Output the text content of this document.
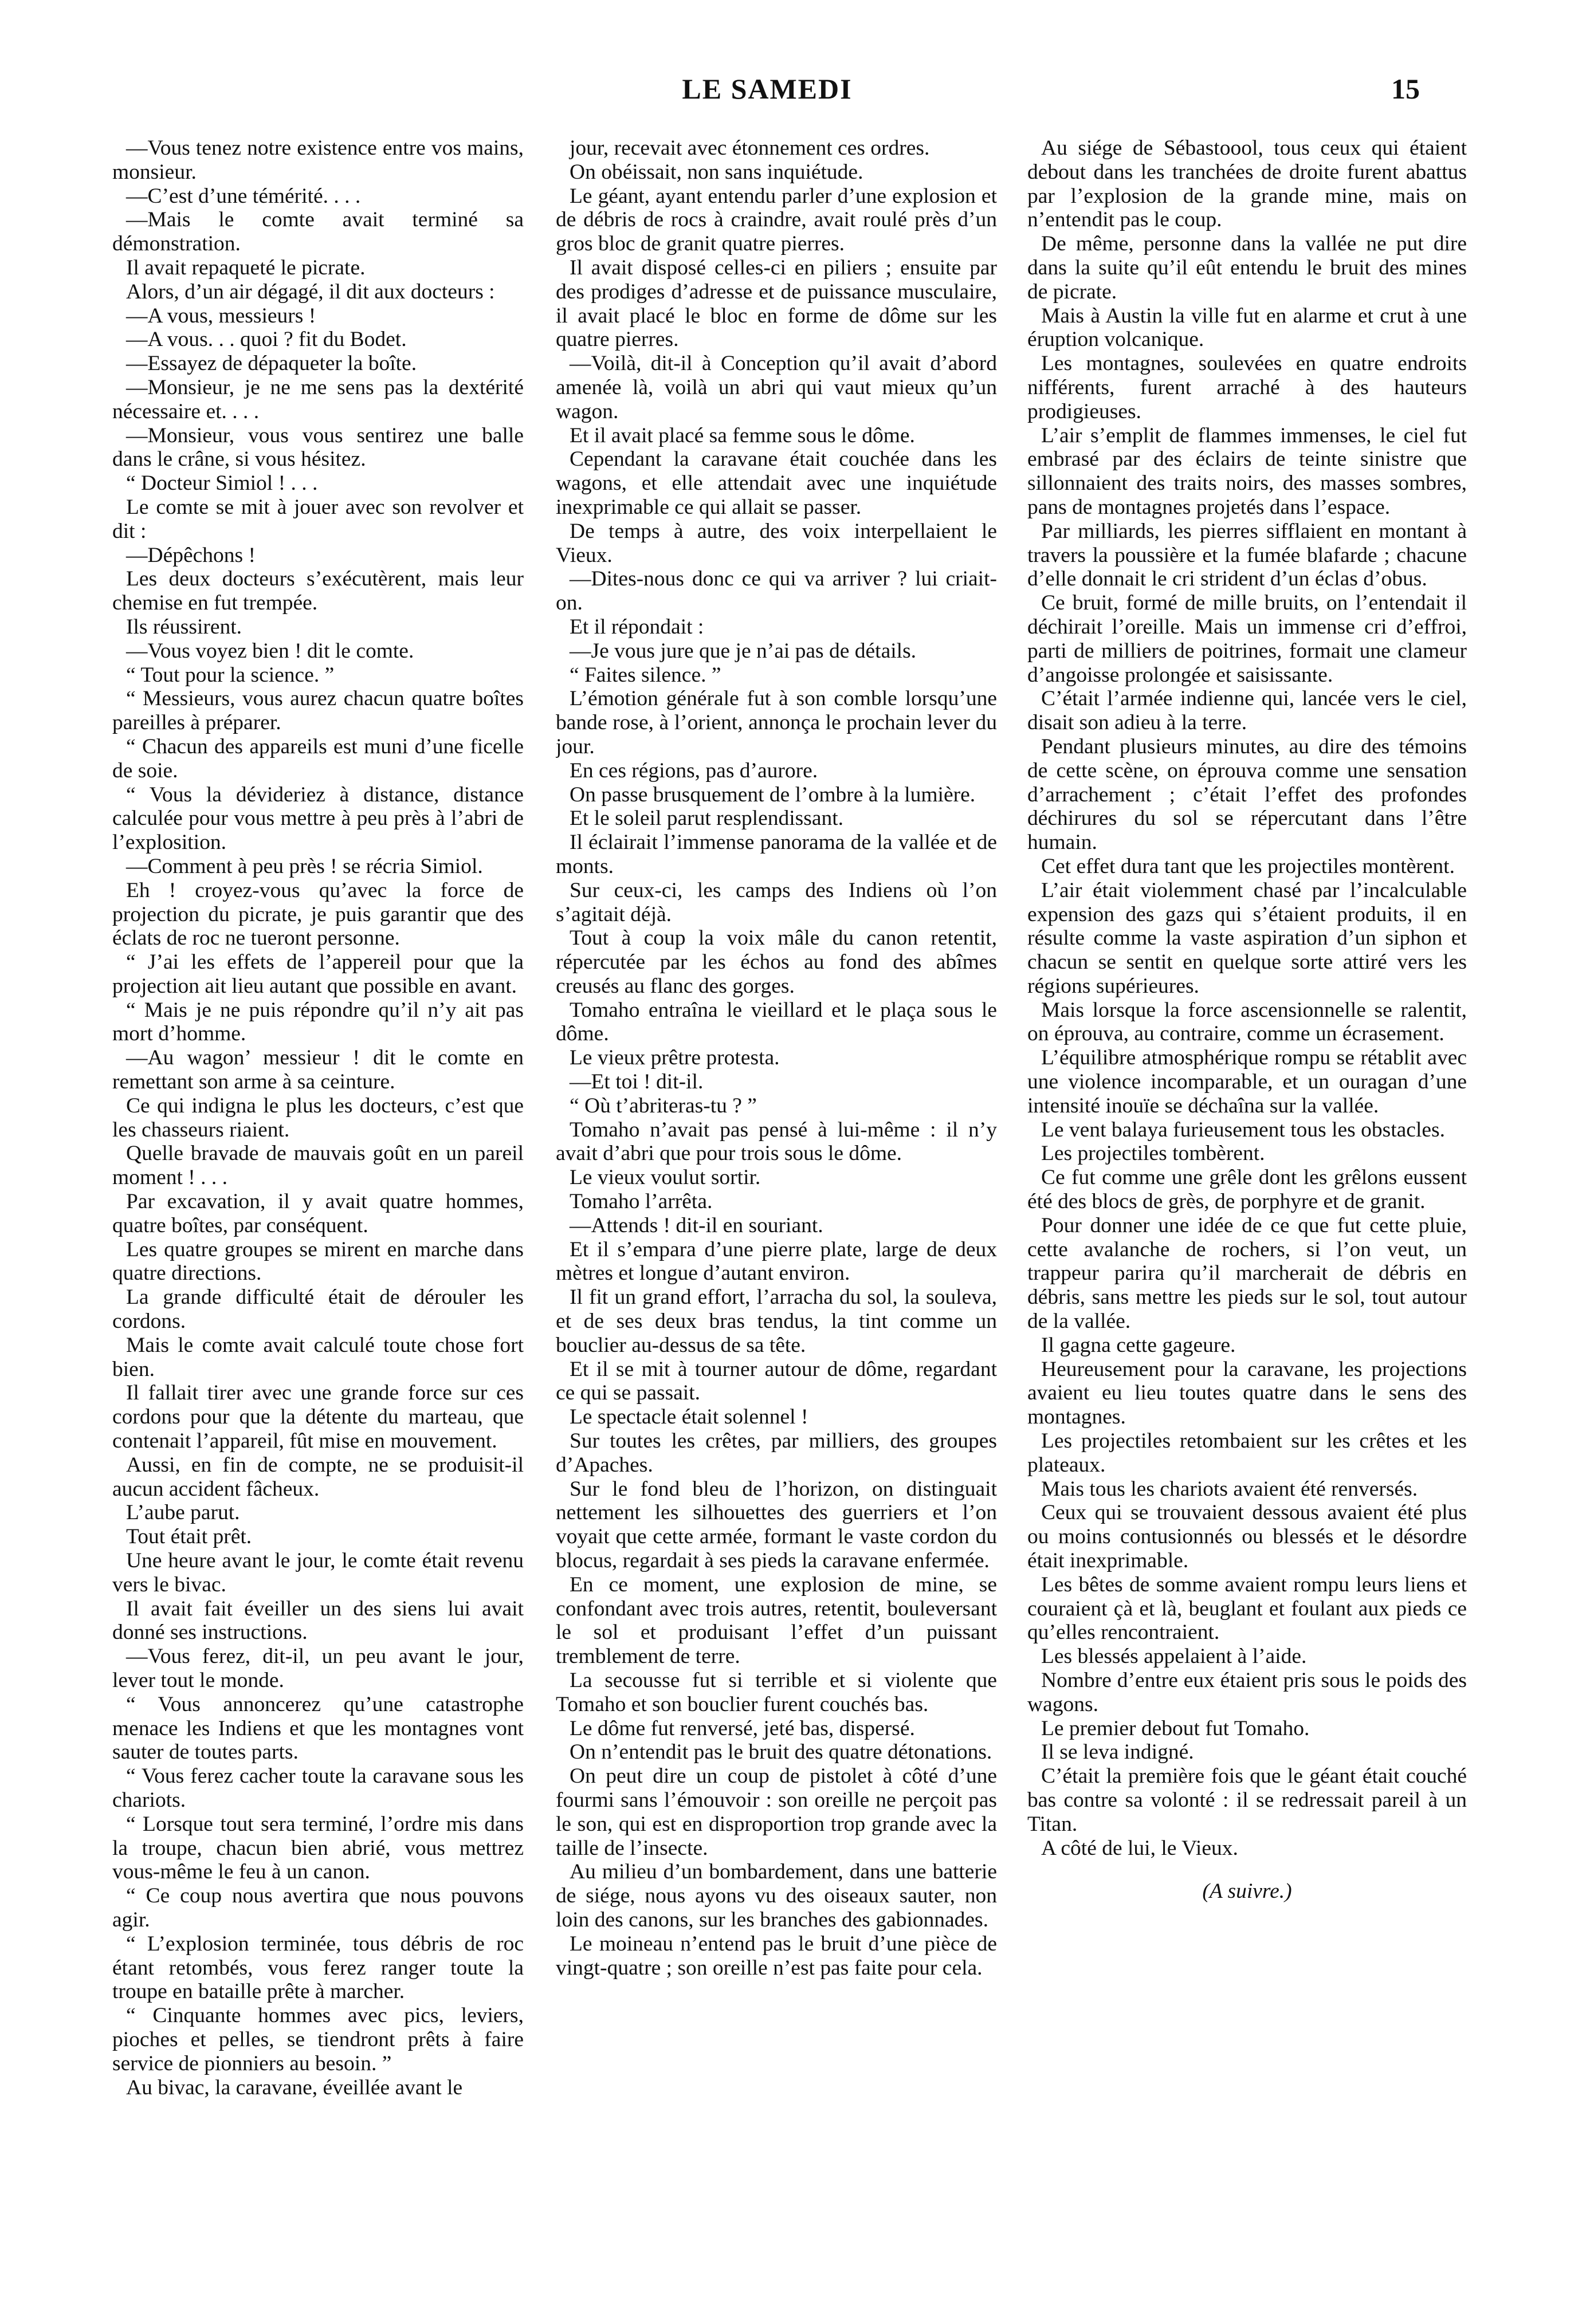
LE SAMEDI	15

—Vous tenez notre existence entre vos mains, monsieur.

—C’est d’une témérité. . . .

—Mais le comte avait terminé sa démonstration.

Il avait repaqueté le picrate.

Alors, d’un air dégagé, il dit aux docteurs :

—A vous, messieurs !

—A vous. . . quoi ? fit du Bodet.

—Essayez de dépaqueter la boîte.

—Monsieur, je ne me sens pas la dextérité nécessaire et. . . .

—Monsieur, vous vous sentirez une balle dans le crâne, si vous hésitez.

“ Docteur Simiol ! . . .

Le comte se mit à jouer avec son revolver et dit :

—Dépêchons !

Les deux docteurs s’exécutèrent, mais leur chemise en fut trempée.

Ils réussirent.

—Vous voyez bien ! dit le comte.

“ Tout pour la science. ”

“ Messieurs, vous aurez chacun quatre boîtes pareilles à préparer.

“ Chacun des appareils est muni d’une ficelle de soie.

“ Vous la dévideriez à distance, distance calculée pour vous mettre à peu près à l’abri de l’explosition.

—Comment à peu près ! se récria Simiol.

Eh ! croyez-vous qu’avec la force de projection du picrate, je puis garantir que des éclats de roc ne tueront personne.

“ J’ai les effets de l’appereil pour que la projection ait lieu autant que possible en avant.

“ Mais je ne puis répondre qu’il n’y ait pas mort d’homme.

—Au wagon’ messieur ! dit le comte en remettant son arme à sa ceinture.

Ce qui indigna le plus les docteurs, c’est que les chasseurs riaient.

Quelle bravade de mauvais goût en un pareil moment ! . . .

Par excavation, il y avait quatre hommes, quatre boîtes, par conséquent.

Les quatre groupes se mirent en marche dans quatre directions.

La grande difficulté était de dérouler les cordons.

Mais le comte avait calculé toute chose fort bien.

Il fallait tirer avec une grande force sur ces cordons pour que la détente du marteau, que contenait l’appareil, fût mise en mouvement.

Aussi, en fin de compte, ne se produisit-il aucun accident fâcheux.

L’aube parut.

Tout était prêt.

Une heure avant le jour, le comte était revenu vers le bivac.

Il avait fait éveiller un des siens lui avait donné ses instructions.

—Vous ferez, dit-il, un peu avant le jour, lever tout le monde.

“ Vous annoncerez qu’une catastrophe menace les Indiens et que les montagnes vont sauter de toutes parts.

“ Vous ferez cacher toute la caravane sous les chariots.

“ Lorsque tout sera terminé, l’ordre mis dans la troupe, chacun bien abrié, vous mettrez vous-même le feu à un canon.

“ Ce coup nous avertira que nous pouvons agir.

“ L’explosion terminée, tous débris de roc étant retombés, vous ferez ranger toute la troupe en bataille prête à marcher.

“ Cinquante hommes avec pics, leviers, pioches et pelles, se tiendront prêts à faire service de pionniers au besoin. ”

Au bivac, la caravane, éveillée avant le

jour, recevait avec étonnement ces ordres.

On obéissait, non sans inquiétude.

Le géant, ayant entendu parler d’une explosion et de débris de rocs à craindre, avait roulé près d’un gros bloc de granit quatre pierres.

Il avait disposé celles-ci en piliers ; ensuite par des prodiges d’adresse et de puissance musculaire, il avait placé le bloc en forme de dôme sur les quatre pierres.

—Voilà, dit-il à Conception qu’il avait d’abord amenée là, voilà un abri qui vaut mieux qu’un wagon.

Et il avait placé sa femme sous le dôme.

Cependant la caravane était couchée dans les wagons, et elle attendait avec une inquiétude inexprimable ce qui allait se passer.

De temps à autre, des voix interpellaient le Vieux.

—Dites-nous donc ce qui va arriver ? lui criait-on.

Et il répondait :

—Je vous jure que je n’ai pas de détails.

“ Faites silence. ”

L’émotion générale fut à son comble lorsqu’une bande rose, à l’orient, annonça le prochain lever du jour.

En ces régions, pas d’aurore.

On passe brusquement de l’ombre à la lumière.

Et le soleil parut resplendissant.

Il éclairait l’immense panorama de la vallée et de monts.

Sur ceux-ci, les camps des Indiens où l’on s’agitait déjà.

Tout à coup la voix mâle du canon retentit, répercutée par les échos au fond des abîmes creusés au flanc des gorges.

Tomaho entraîna le vieillard et le plaça sous le dôme.

Le vieux prêtre protesta.

—Et toi ! dit-il.

“ Où t’abriteras-tu ? ”

Tomaho n’avait pas pensé à lui-même : il n’y avait d’abri que pour trois sous le dôme.

Le vieux voulut sortir.

Tomaho l’arrêta.

—Attends ! dit-il en souriant.

Et il s’empara d’une pierre plate, large de deux mètres et longue d’autant environ.

Il fit un grand effort, l’arracha du sol, la souleva, et de ses deux bras tendus, la tint comme un bouclier au-dessus de sa tête.

Et il se mit à tourner autour de dôme, regardant ce qui se passait.

Le spectacle était solennel !

Sur toutes les crêtes, par milliers, des groupes d’Apaches.

Sur le fond bleu de l’horizon, on distinguait nettement les silhouettes des guerriers et l’on voyait que cette armée, formant le vaste cordon du blocus, regardait à ses pieds la caravane enfermée.

En ce moment, une explosion de mine, se confondant avec trois autres, retentit, bouleversant le sol et produisant l’effet d’un puissant tremblement de terre.

La secousse fut si terrible et si violente que Tomaho et son bouclier furent couchés bas.

Le dôme fut renversé, jeté bas, dispersé.

On n’entendit pas le bruit des quatre détonations.

On peut dire un coup de pistolet à côté d’une fourmi sans l’émouvoir : son oreille ne perçoit pas le son, qui est en disproportion trop grande avec la taille de l’insecte.

Au milieu d’un bombardement, dans une batterie de siége, nous ayons vu des oiseaux sauter, non loin des canons, sur les branches des gabionnades.

Le moineau n’entend pas le bruit d’une pièce de vingt-quatre ; son oreille n’est pas faite pour cela.

Au siége de Sébastoool, tous ceux qui étaient debout dans les tranchées de droite furent abattus par l’explosion de la grande mine, mais on n’entendit pas le coup.

De même, personne dans la vallée ne put dire dans la suite qu’il eût entendu le bruit des mines de picrate.

Mais à Austin la ville fut en alarme et crut à une éruption volcanique.

Les montagnes, soulevées en quatre endroits nifférents, furent arraché à des hauteurs prodigieuses.

L’air s’emplit de flammes immenses, le ciel fut embrasé par des éclairs de teinte sinistre que sillonnaient des traits noirs, des masses sombres, pans de montagnes projetés dans l’espace.

Par milliards, les pierres sifflaient en montant à travers la poussière et la fumée blafarde ; chacune d’elle donnait le cri strident d’un éclas d’obus.

Ce bruit, formé de mille bruits, on l’entendait il déchirait l’oreille. Mais un immense cri d’effroi, parti de milliers de poitrines, formait une clameur d’angoisse prolongée et saisissante.

C’était l’armée indienne qui, lancée vers le ciel, disait son adieu à la terre.

Pendant plusieurs minutes, au dire des témoins de cette scène, on éprouva comme une sensation d’arrachement ; c’était l’effet des profondes déchirures du sol se répercutant dans l’être humain.

Cet effet dura tant que les projectiles montèrent.

L’air était violemment chasé par l’incalculable expension des gazs qui s’étaient produits, il en résulte comme la vaste aspiration d’un siphon et chacun se sentit en quelque sorte attiré vers les régions supérieures.

Mais lorsque la force ascensionnelle se ralentit, on éprouva, au contraire, comme un écrasement.

L’équilibre atmosphérique rompu se rétablit avec une violence incomparable, et un ouragan d’une intensité inouïe se déchaîna sur la vallée.

Le vent balaya furieusement tous les obstacles.

Les projectiles tombèrent.

Ce fut comme une grêle dont les grêlons eussent été des blocs de grès, de porphyre et de granit.

Pour donner une idée de ce que fut cette pluie, cette avalanche de rochers, si l’on veut, un trappeur parira qu’il marcherait de débris en débris, sans mettre les pieds sur le sol, tout autour de la vallée.

Il gagna cette gageure.

Heureusement pour la caravane, les projections avaient eu lieu toutes quatre dans le sens des montagnes.

Les projectiles retombaient sur les crêtes et les plateaux.

Mais tous les chariots avaient été renversés.

Ceux qui se trouvaient dessous avaient été plus ou moins contusionnés ou blessés et le désordre était inexprimable.

Les bêtes de somme avaient rompu leurs liens et couraient çà et là, beuglant et foulant aux pieds ce qu’elles rencontraient.

Les blessés appelaient à l’aide.

Nombre d’entre eux étaient pris sous le poids des wagons.

Le premier debout fut Tomaho.

Il se leva indigné.

C’était la première fois que le géant était couché bas contre sa volonté : il se redressait pareil à un Titan.

A côté de lui, le Vieux.

(A suivre.)
